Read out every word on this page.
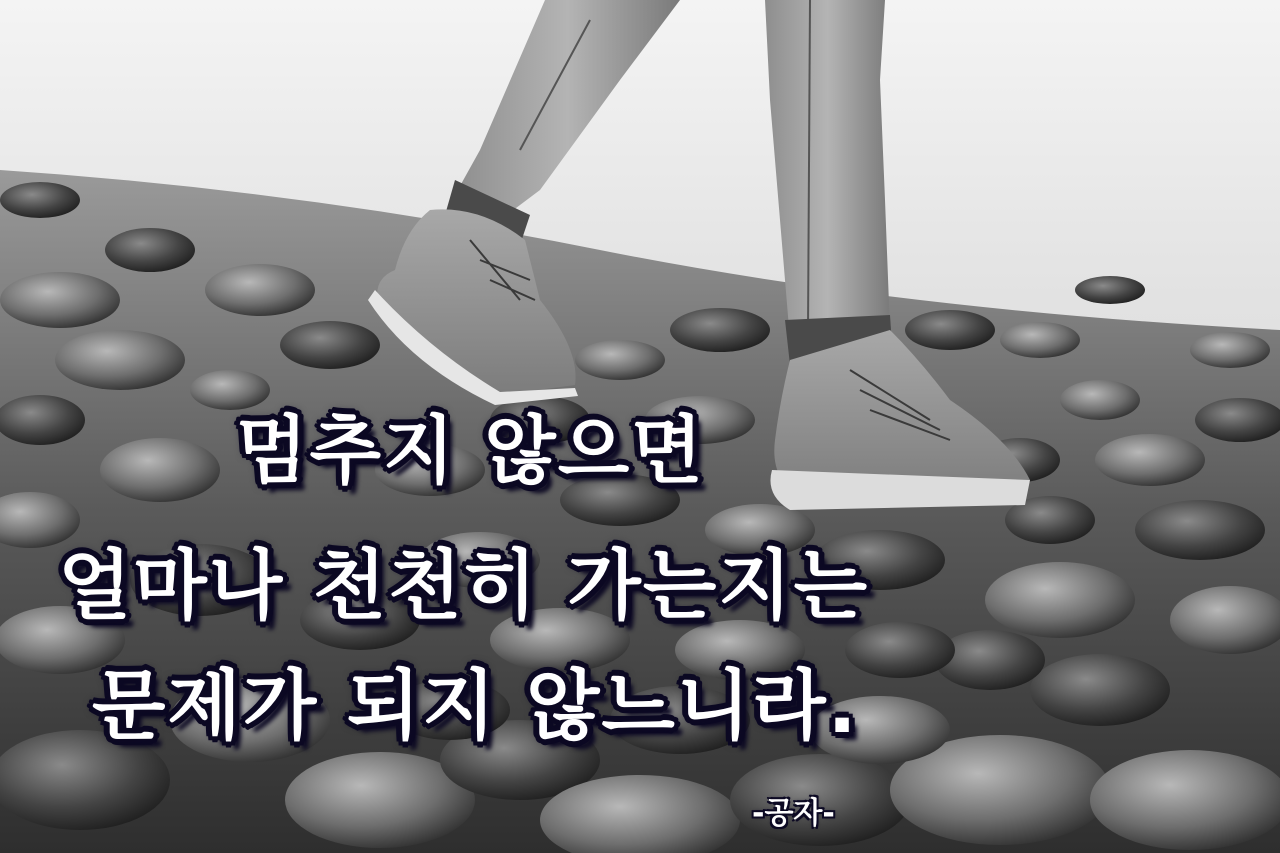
멈추지 않으면
얼마나 천천히 가는지는
문제가 되지 않느니라.
-공자-
